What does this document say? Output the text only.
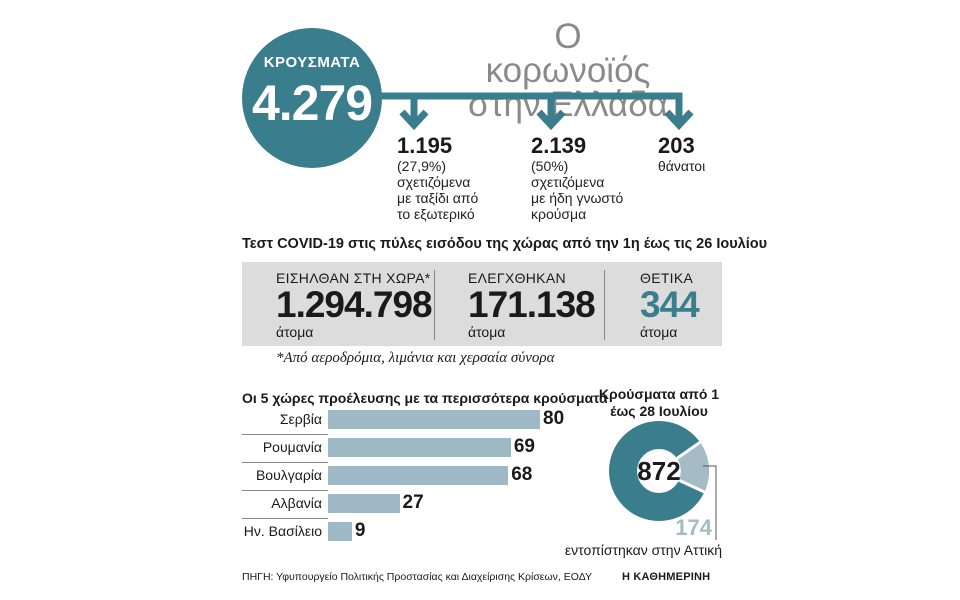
ΚΡΟΥΣΜΑΤΑ
4.279
Ο κορωνοϊός
στην Ελλάδα
1.195
(27,9%)
σχετιζόμενα
με ταξίδι από
το εξωτερικό
2.139
(50%)
σχετιζόμενα
με ήδη γνωστό
κρούσμα
203
θάνατοι
Τεστ COVID-19 στις πύλες εισόδου της χώρας από την 1η έως τις 26 Ιουλίου
ΕΙΣΗΛΘΑΝ ΣΤΗ ΧΩΡΑ*
1.294.798
άτομα
ΕΛΕΓΧΘΗΚΑΝ
171.138
άτομα
ΘΕΤΙΚΑ
344
άτομα
*Από αεροδρόμια, λιμάνια και χερσαία σύνορα
Οι 5 χώρες προέλευσης με τα περισσότερα κρούσματα
Σερβία	80
Ρουμανία	69
Βουλγαρία	68
Αλβανία	27
Ην. Βασίλειο 9
Κρούσματα από 1 έως 28 Ιουλίου
872
174
εντοπίστηκαν στην Αττική
ΠΗΓΗ: Υφυπουργείο Πολιτικής Προστασίας και Διαχείρισης Κρίσεων, ΕΟΔΥ	Η ΚΑΘΗΜΕΡΙΝΗ
